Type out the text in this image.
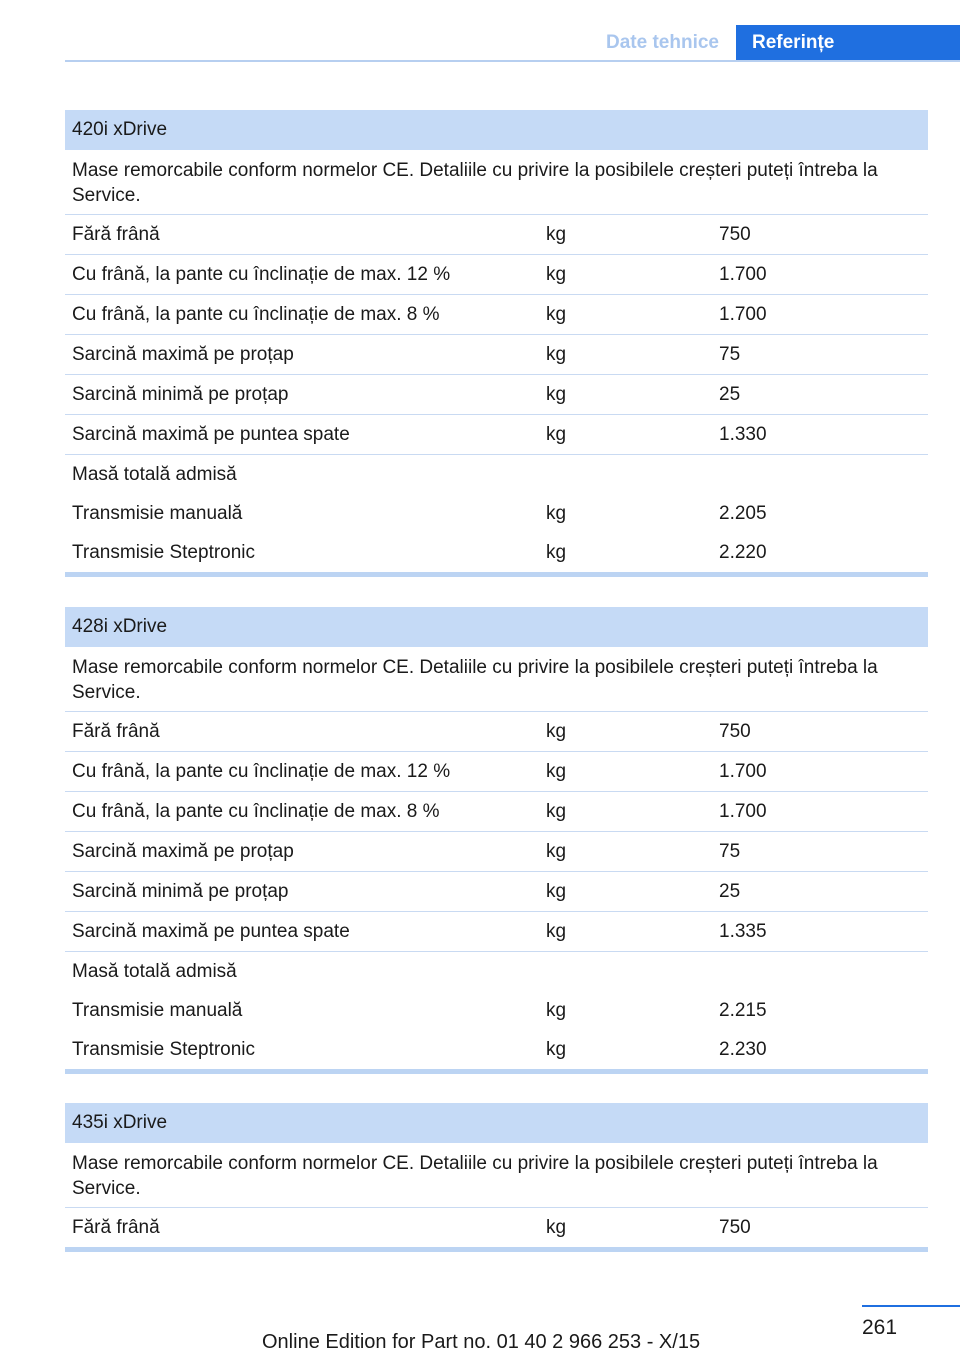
Date tehnice	Referințe
420i xDrive
Mase remorcabile conform normelor CE. Detaliile cu privire la posibilele creșteri puteți întreba la Service.
Fără frână	kg	750
Cu frână, la pante cu înclinație de max. 12 %	kg	1.700
Cu frână, la pante cu înclinație de max. 8 %	kg	1.700
Sarcină maximă pe proțap	kg	75
Sarcină minimă pe proțap	kg	25
Sarcină maximă pe puntea spate	kg	1.330
Masă totală admisă
Transmisie manuală	kg	2.205
Transmisie Steptronic	kg	2.220
428i xDrive
Mase remorcabile conform normelor CE. Detaliile cu privire la posibilele creșteri puteți întreba la Service.
Fără frână	kg	750
Cu frână, la pante cu înclinație de max. 12 %	kg	1.700
Cu frână, la pante cu înclinație de max. 8 %	kg	1.700
Sarcină maximă pe proțap	kg	75
Sarcină minimă pe proțap	kg	25
Sarcină maximă pe puntea spate	kg	1.335
Masă totală admisă
Transmisie manuală	kg	2.215
Transmisie Steptronic	kg	2.230
435i xDrive
Mase remorcabile conform normelor CE. Detaliile cu privire la posibilele creșteri puteți întreba la Service.
Fără frână	kg	750
261
Online Edition for Part no. 01 40 2 966 253 - X/15
